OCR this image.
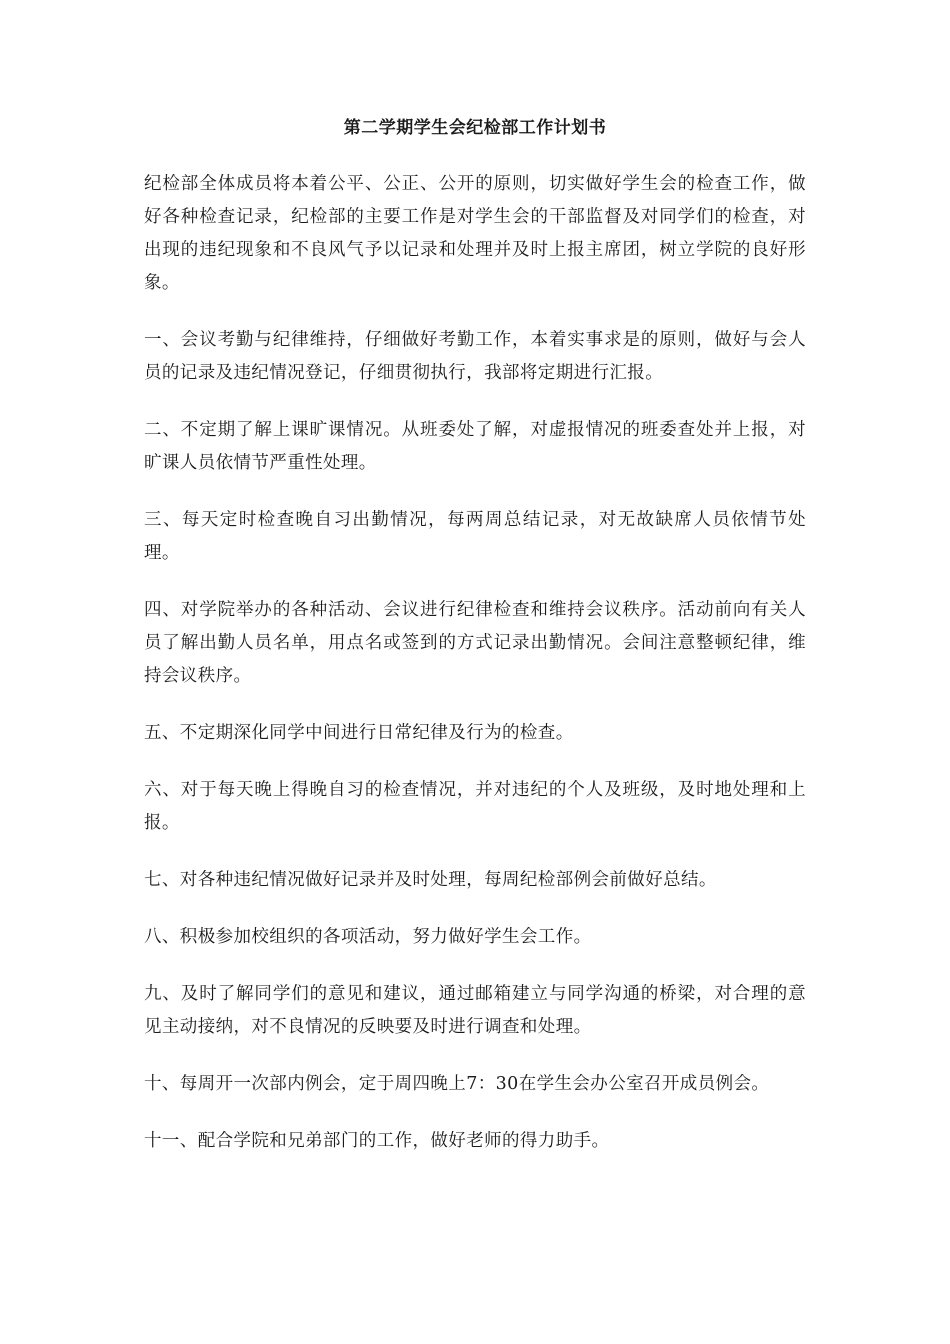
第二学期学生会纪检部工作计划书

纪检部全体成员将本着公平、公正、公开的原则，切实做好学生会的检查工作，做好各种检查记录，纪检部的主要工作是对学生会的干部监督及对同学们的检查，对出现的违纪现象和不良风气予以记录和处理并及时上报主席团，树立学院的良好形象。

一、会议考勤与纪律维持，仔细做好考勤工作，本着实事求是的原则，做好与会人员的记录及违纪情况登记，仔细贯彻执行，我部将定期进行汇报。

二、不定期了解上课旷课情况。从班委处了解，对虚报情况的班委查处并上报，对旷课人员依情节严重性处理。

三、每天定时检查晚自习出勤情况，每两周总结记录，对无故缺席人员依情节处理。

四、对学院举办的各种活动、会议进行纪律检查和维持会议秩序。活动前向有关人员了解出勤人员名单，用点名或签到的方式记录出勤情况。会间注意整顿纪律，维持会议秩序。

五、不定期深化同学中间进行日常纪律及行为的检查。

六、对于每天晚上得晚自习的检查情况，并对违纪的个人及班级，及时地处理和上报。

七、对各种违纪情况做好记录并及时处理，每周纪检部例会前做好总结。

八、积极参加校组织的各项活动，努力做好学生会工作。

九、及时了解同学们的意见和建议，通过邮箱建立与同学沟通的桥梁，对合理的意见主动接纳，对不良情况的反映要及时进行调查和处理。

十、每周开一次部内例会，定于周四晚上7：30在学生会办公室召开成员例会。

十一、配合学院和兄弟部门的工作，做好老师的得力助手。
